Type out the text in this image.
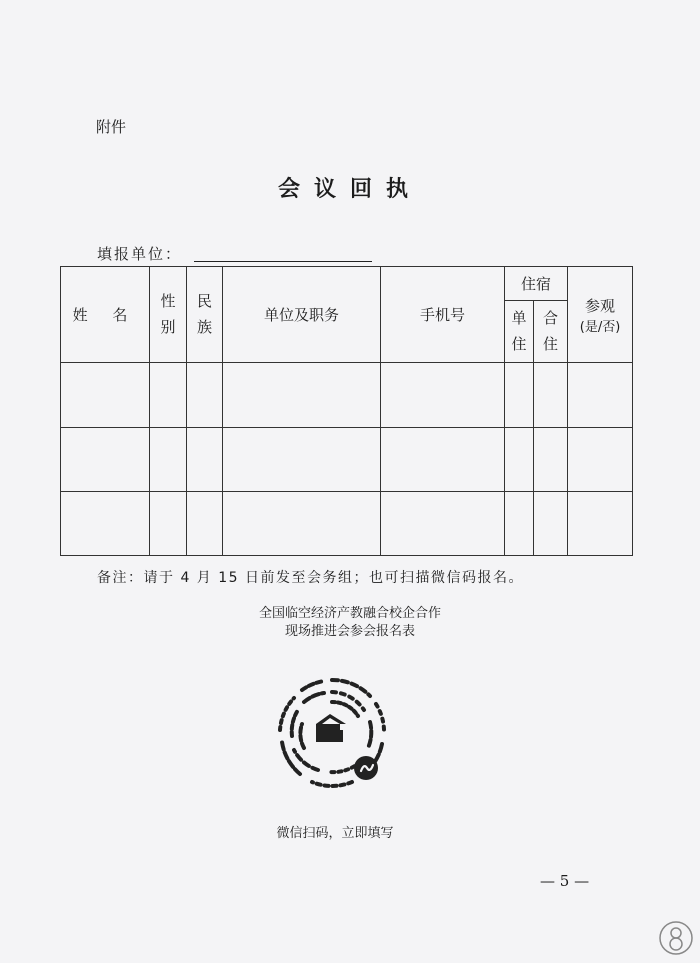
附件
会议回执
填报单位：
姓 名	性别	民族	单位及职务	手机号	住宿		参观
(是/否)

					单住	合住	

备注：请于 4 月 15 日前发至会务组；也可扫描微信码报名。
全国临空经济产教融合校企合作
现场推进会参会报名表
微信扫码，立即填写
— 5 —
